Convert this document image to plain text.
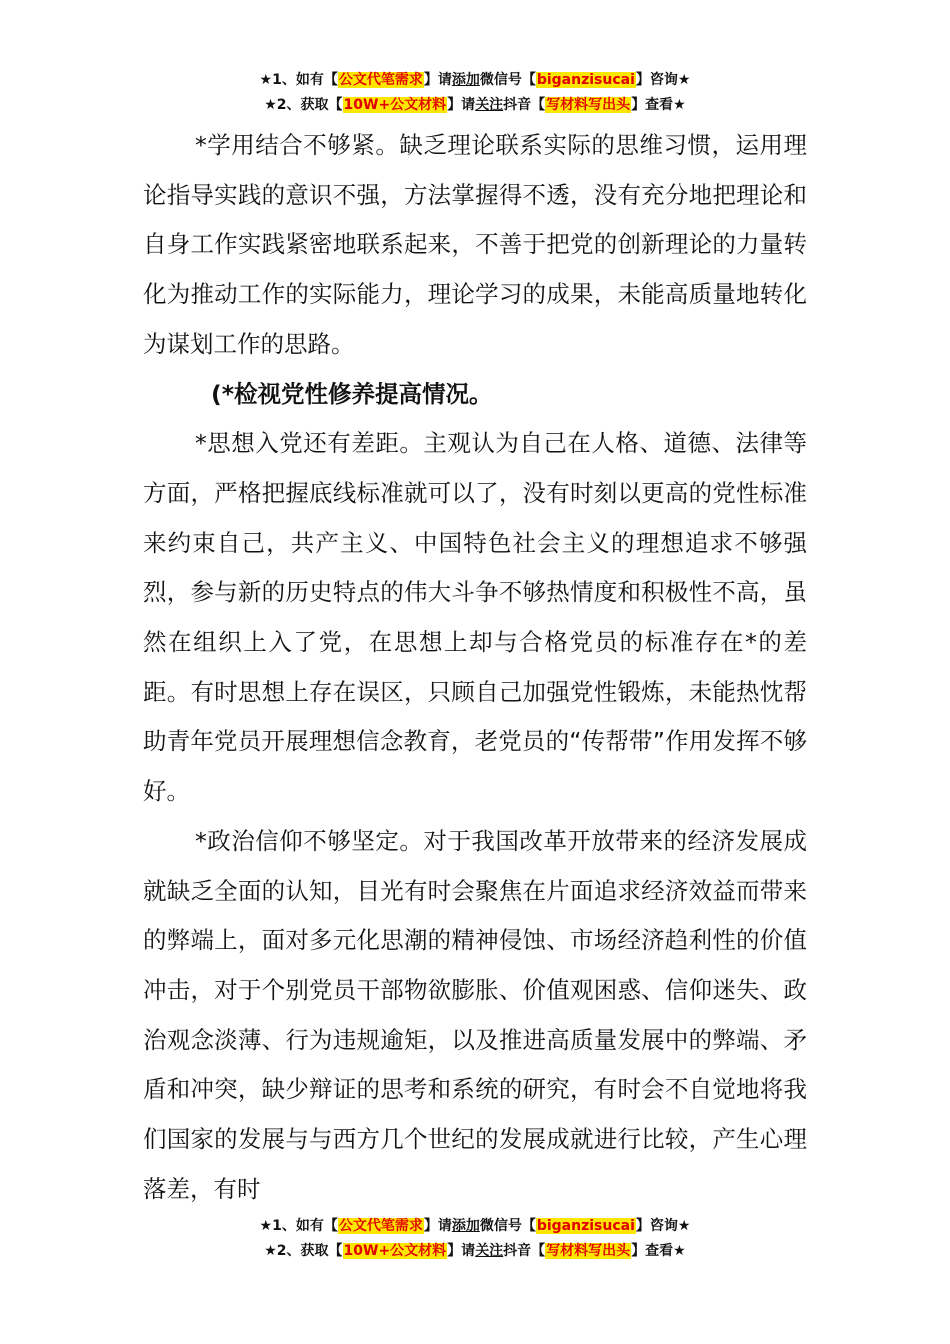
★1、如有【公文代笔需求】请添加微信号【biganzisucai】咨询★
★2、获取【10W+公文材料】请关注抖音【写材料写出头】查看★

*学用结合不够紧。缺乏理论联系实际的思维习惯，运用理论指导实践的意识不强，方法掌握得不透，没有充分地把理论和自身工作实践紧密地联系起来，不善于把党的创新理论的力量转化为推动工作的实际能力，理论学习的成果，未能高质量地转化为谋划工作的思路。

(*检视党性修养提高情况。

*思想入党还有差距。主观认为自己在人格、道德、法律等方面，严格把握底线标准就可以了，没有时刻以更高的党性标准来约束自己，共产主义、中国特色社会主义的理想追求不够强烈，参与新的历史特点的伟大斗争不够热情度和积极性不高，虽然在组织上入了党，在思想上却与合格党员的标准存在*的差距。有时思想上存在误区，只顾自己加强党性锻炼，未能热忱帮助青年党员开展理想信念教育，老党员的“传帮带”作用发挥不够好。

*政治信仰不够坚定。对于我国改革开放带来的经济发展成就缺乏全面的认知，目光有时会聚焦在片面追求经济效益而带来的弊端上，面对多元化思潮的精神侵蚀、市场经济趋利性的价值冲击，对于个别党员干部物欲膨胀、价值观困惑、信仰迷失、政治观念淡薄、行为违规逾矩，以及推进高质量发展中的弊端、矛盾和冲突，缺少辩证的思考和系统的研究，有时会不自觉地将我们国家的发展与与西方几个世纪的发展成就进行比较，产生心理落差，有时

★1、如有【公文代笔需求】请添加微信号【biganzisucai】咨询★
★2、获取【10W+公文材料】请关注抖音【写材料写出头】查看★
